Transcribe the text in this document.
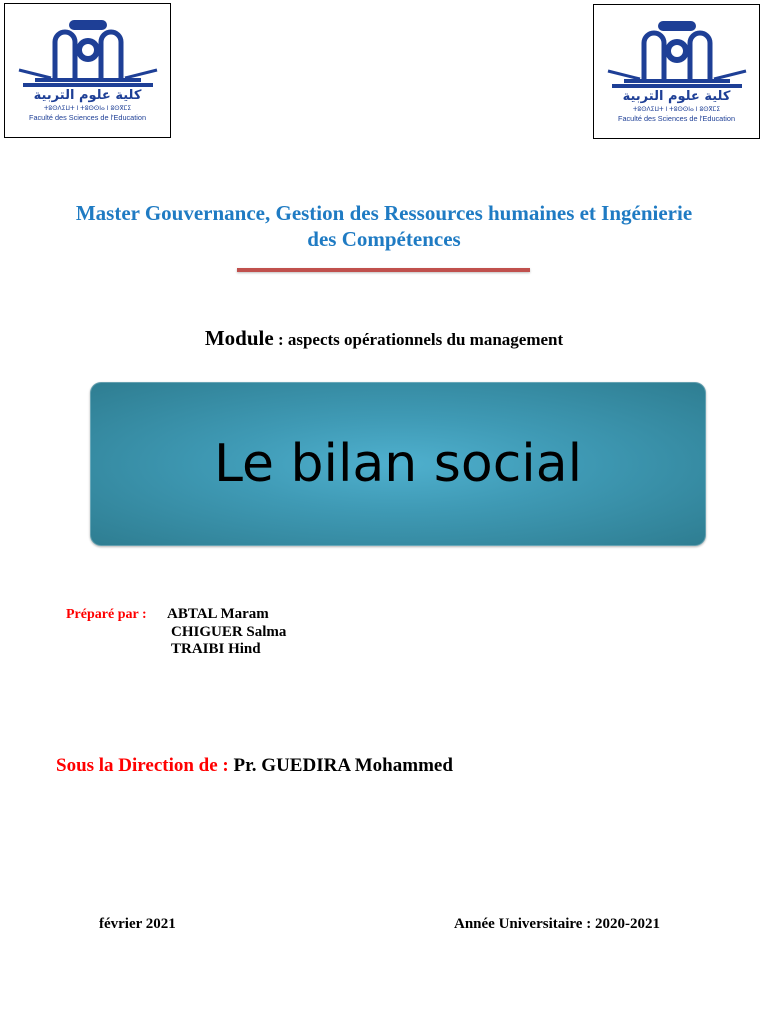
كلية علوم التربية
ⵜⵓⵙⴷⵉⵡⵜ ⵏ ⵜⵓⵙⵙⵏⴰ ⵏ ⵓⵙⴳⵎⵉ
Faculté des Sciences de l'Education
كلية علوم التربية
ⵜⵓⵙⴷⵉⵡⵜ ⵏ ⵜⵓⵙⵙⵏⴰ ⵏ ⵓⵙⴳⵎⵉ
Faculté des Sciences de l'Education
Master Gouvernance, Gestion des Ressources humaines et Ingénierie des Compétences
Module : aspects opérationnels du management
Le bilan social
Préparé par : ABTAL Maram
CHIGUER Salma
TRAIBI Hind
Sous la Direction de : Pr. GUEDIRA Mohammed
février 2021	Année Universitaire : 2020-2021
